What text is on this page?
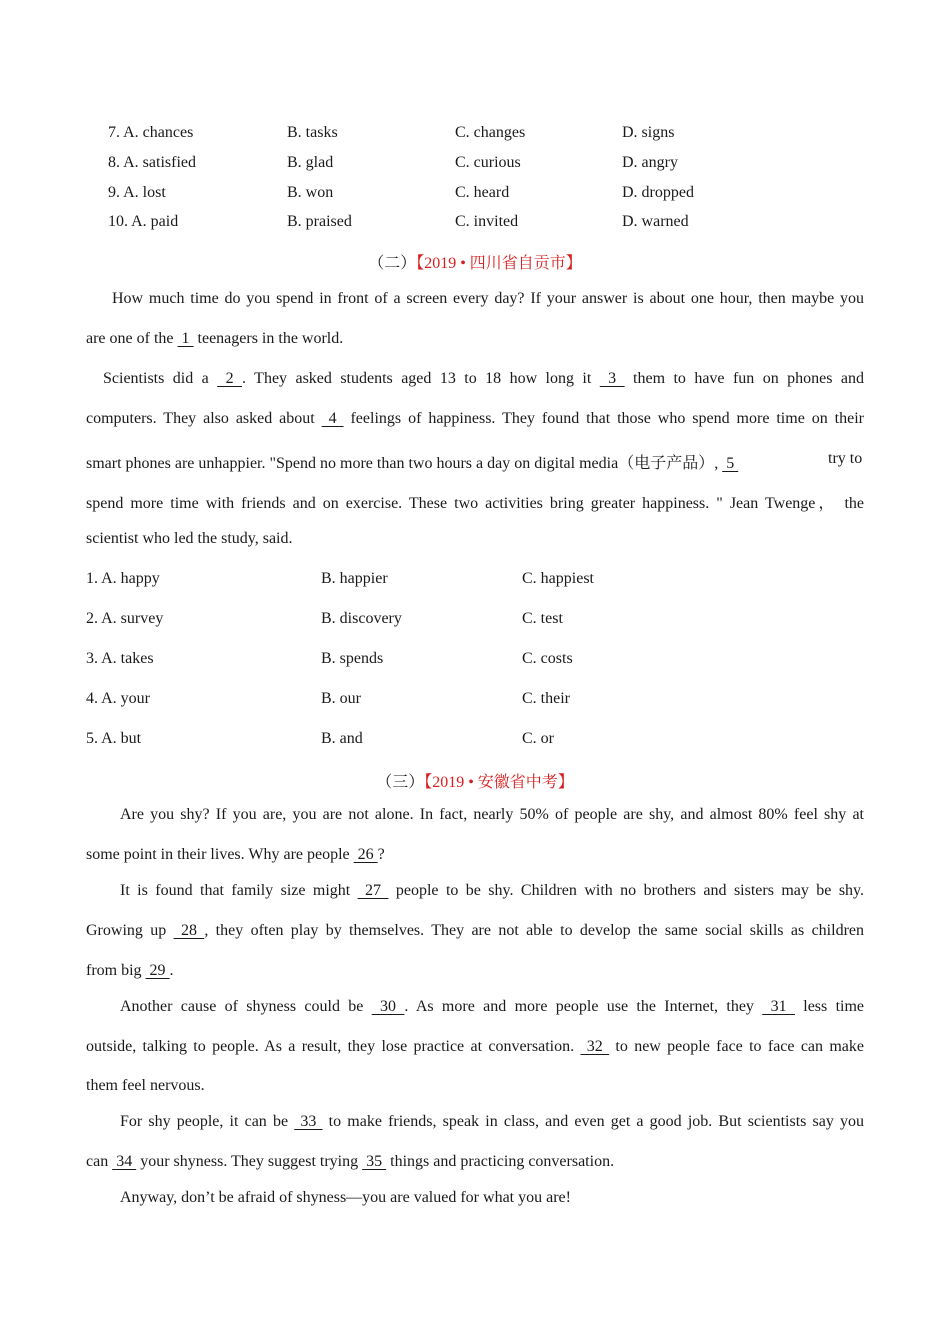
7. A. chances	B. tasks	C. changes	D. signs
8. A. satisfied	B. glad	C. curious	D. angry
9. A. lost	B. won	C. heard	D. dropped
10. A. paid	B. praised	C. invited	D. warned
（二）【2019 • 四川省自贡市】
How much time do you spend in front of a screen every day? If your answer is about one hour, then maybe you
are one of the  1  teenagers in the world.
Scientists did a  2 . They asked students aged 13 to 18 how long it  3  them to have fun on phones and
computers. They also asked about  4  feelings of happiness. They found that those who spend more time on their
smart phones are unhappier. "Spend no more than two hours a day on digital media（电子产品）,  5	try to
spend more time with friends and on exercise. These two activities bring greater happiness. " Jean Twenge， the
scientist who led the study, said.
1. A. happy	B. happier	C. happiest
2. A. survey	B. discovery	C. test
3. A. takes	B. spends	C. costs
4. A. your	B. our	C. their
5. A. but	B. and	C. or
（三）【2019 • 安徽省中考】
Are you shy? If you are, you are not alone. In fact, nearly 50% of people are shy, and almost 80% feel shy at
some point in their lives. Why are people  26 ?
It is found that family size might  27  people to be shy. Children with no brothers and sisters may be shy.
Growing up  28 , they often play by themselves. They are not able to develop the same social skills as children
from big  29 .
Another cause of shyness could be  30 . As more and more people use the Internet, they  31  less time
outside, talking to people. As a result, they lose practice at conversation.  32  to new people face to face can make
them feel nervous.
For shy people, it can be  33  to make friends, speak in class, and even get a good job. But scientists say you
can  34  your shyness. They suggest trying  35  things and practicing conversation.
Anyway, don’t be afraid of shyness—you are valued for what you are!
